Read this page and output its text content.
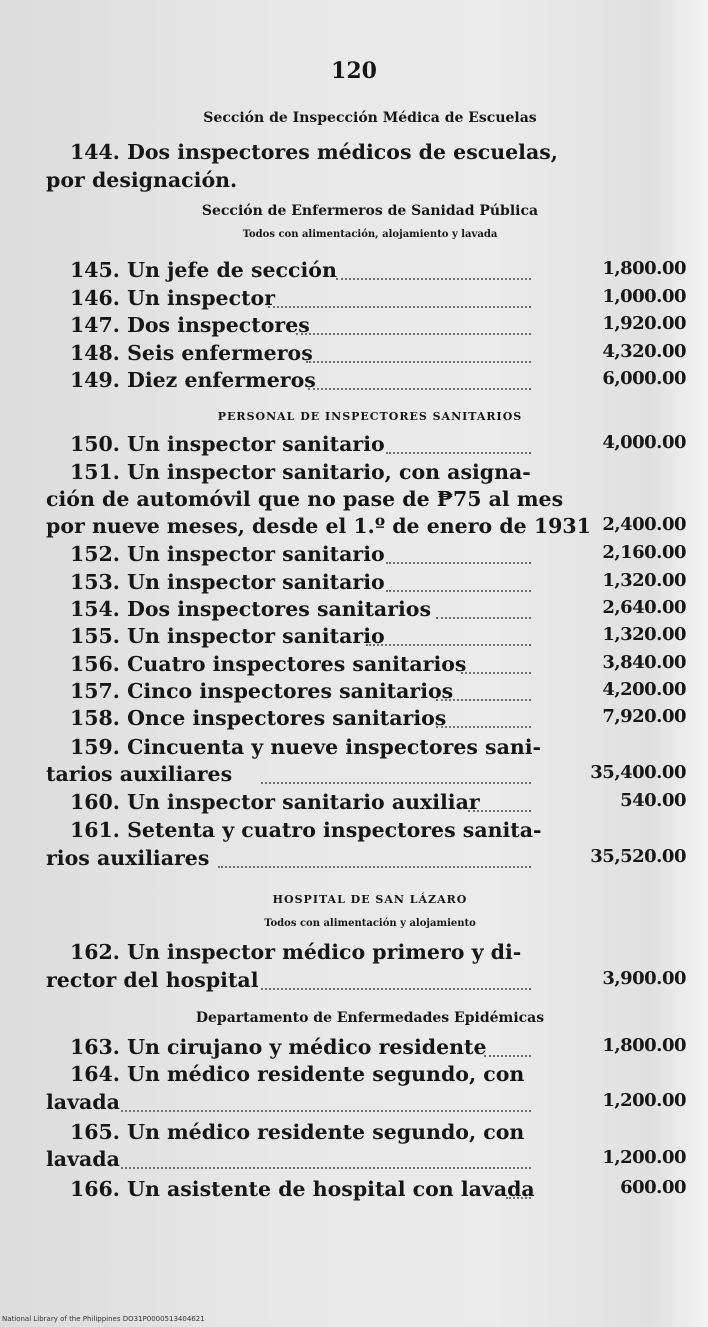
120
Sección de Inspección Médica de Escuelas
144. Dos inspectores médicos de escuelas,
por designación.
Sección de Enfermeros de Sanidad Pública
Todos con alimentación, alojamiento y lavada
145. Un jefe de sección	1,800.00
146. Un inspector	1,000.00
147. Dos inspectores	1,920.00
148. Seis enfermeros	4,320.00
149. Diez enfermeros	6,000.00
PERSONAL DE INSPECTORES SANITARIOS
150. Un inspector sanitario	4,000.00
151. Un inspector sanitario, con asigna-
ción de automóvil que no pase de ₱75 al mes
por nueve meses, desde el 1.º de enero de 1931 2,400.00
152. Un inspector sanitario	2,160.00
153. Un inspector sanitario	1,320.00
154. Dos inspectores sanitarios	2,640.00
155. Un inspector sanitario	1,320.00
156. Cuatro inspectores sanitarios	3,840.00
157. Cinco inspectores sanitarios	4,200.00
158. Once inspectores sanitarios	7,920.00
159. Cincuenta y nueve inspectores sani-
tarios auxiliares	35,400.00
160. Un inspector sanitario auxiliar	540.00
161. Setenta y cuatro inspectores sanita-
rios auxiliares	35,520.00
HOSPITAL DE SAN LÁZARO
Todos con alimentación y alojamiento
162. Un inspector médico primero y di-
rector del hospital	3,900.00
Departamento de Enfermedades Epidémicas
163. Un cirujano y médico residente	1,800.00
164. Un médico residente segundo, con
lavada	1,200.00
165. Un médico residente segundo, con
lavada	1,200.00
166. Un asistente de hospital con lavada	600.00
National Library of the Philippines DO31P0000513404621
